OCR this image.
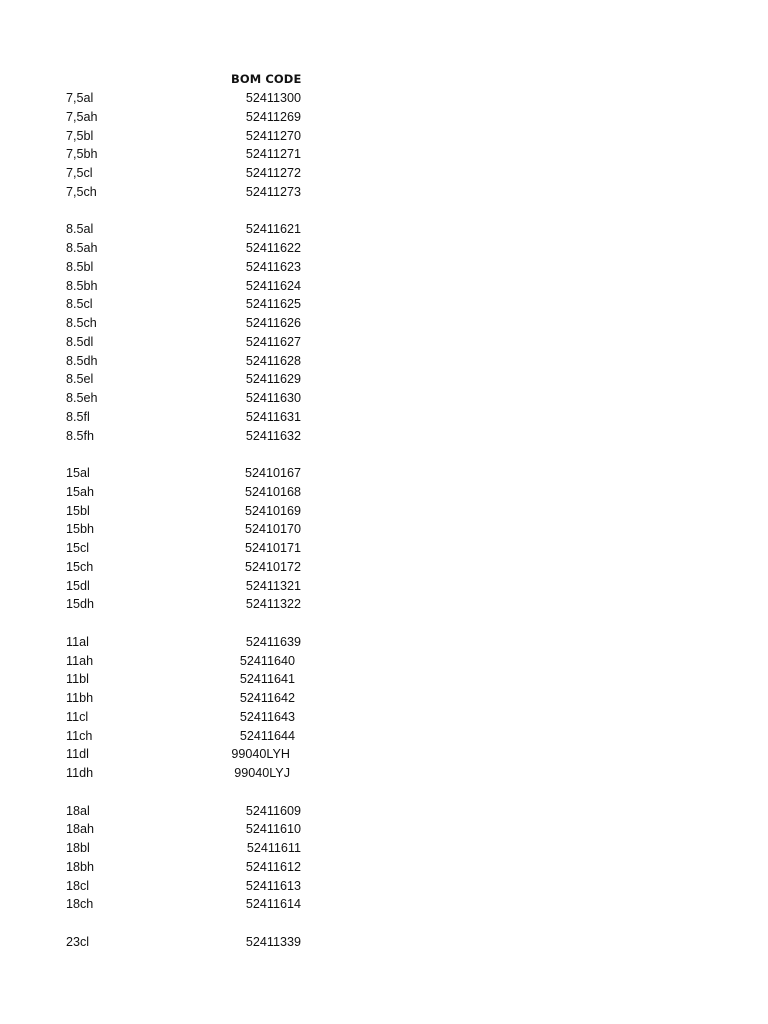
BOM CODE
7,5al	52411300
7,5ah	52411269
7,5bl	52411270
7,5bh	52411271
7,5cl	52411272
7,5ch	52411273
8.5al	52411621
8.5ah	52411622
8.5bl	52411623
8.5bh	52411624
8.5cl	52411625
8.5ch	52411626
8.5dl	52411627
8.5dh	52411628
8.5el	52411629
8.5eh	52411630
8.5fl	52411631
8.5fh	52411632
15al	52410167
15ah	52410168
15bl	52410169
15bh	52410170
15cl	52410171
15ch	52410172
15dl	52411321
15dh	52411322
11al	52411639
11ah	52411640
11bl	52411641
11bh	52411642
11cl	52411643
11ch	52411644
11dl	99040LYH
11dh	99040LYJ
18al	52411609
18ah	52411610
18bl	52411611
18bh	52411612
18cl	52411613
18ch	52411614
23cl	52411339
